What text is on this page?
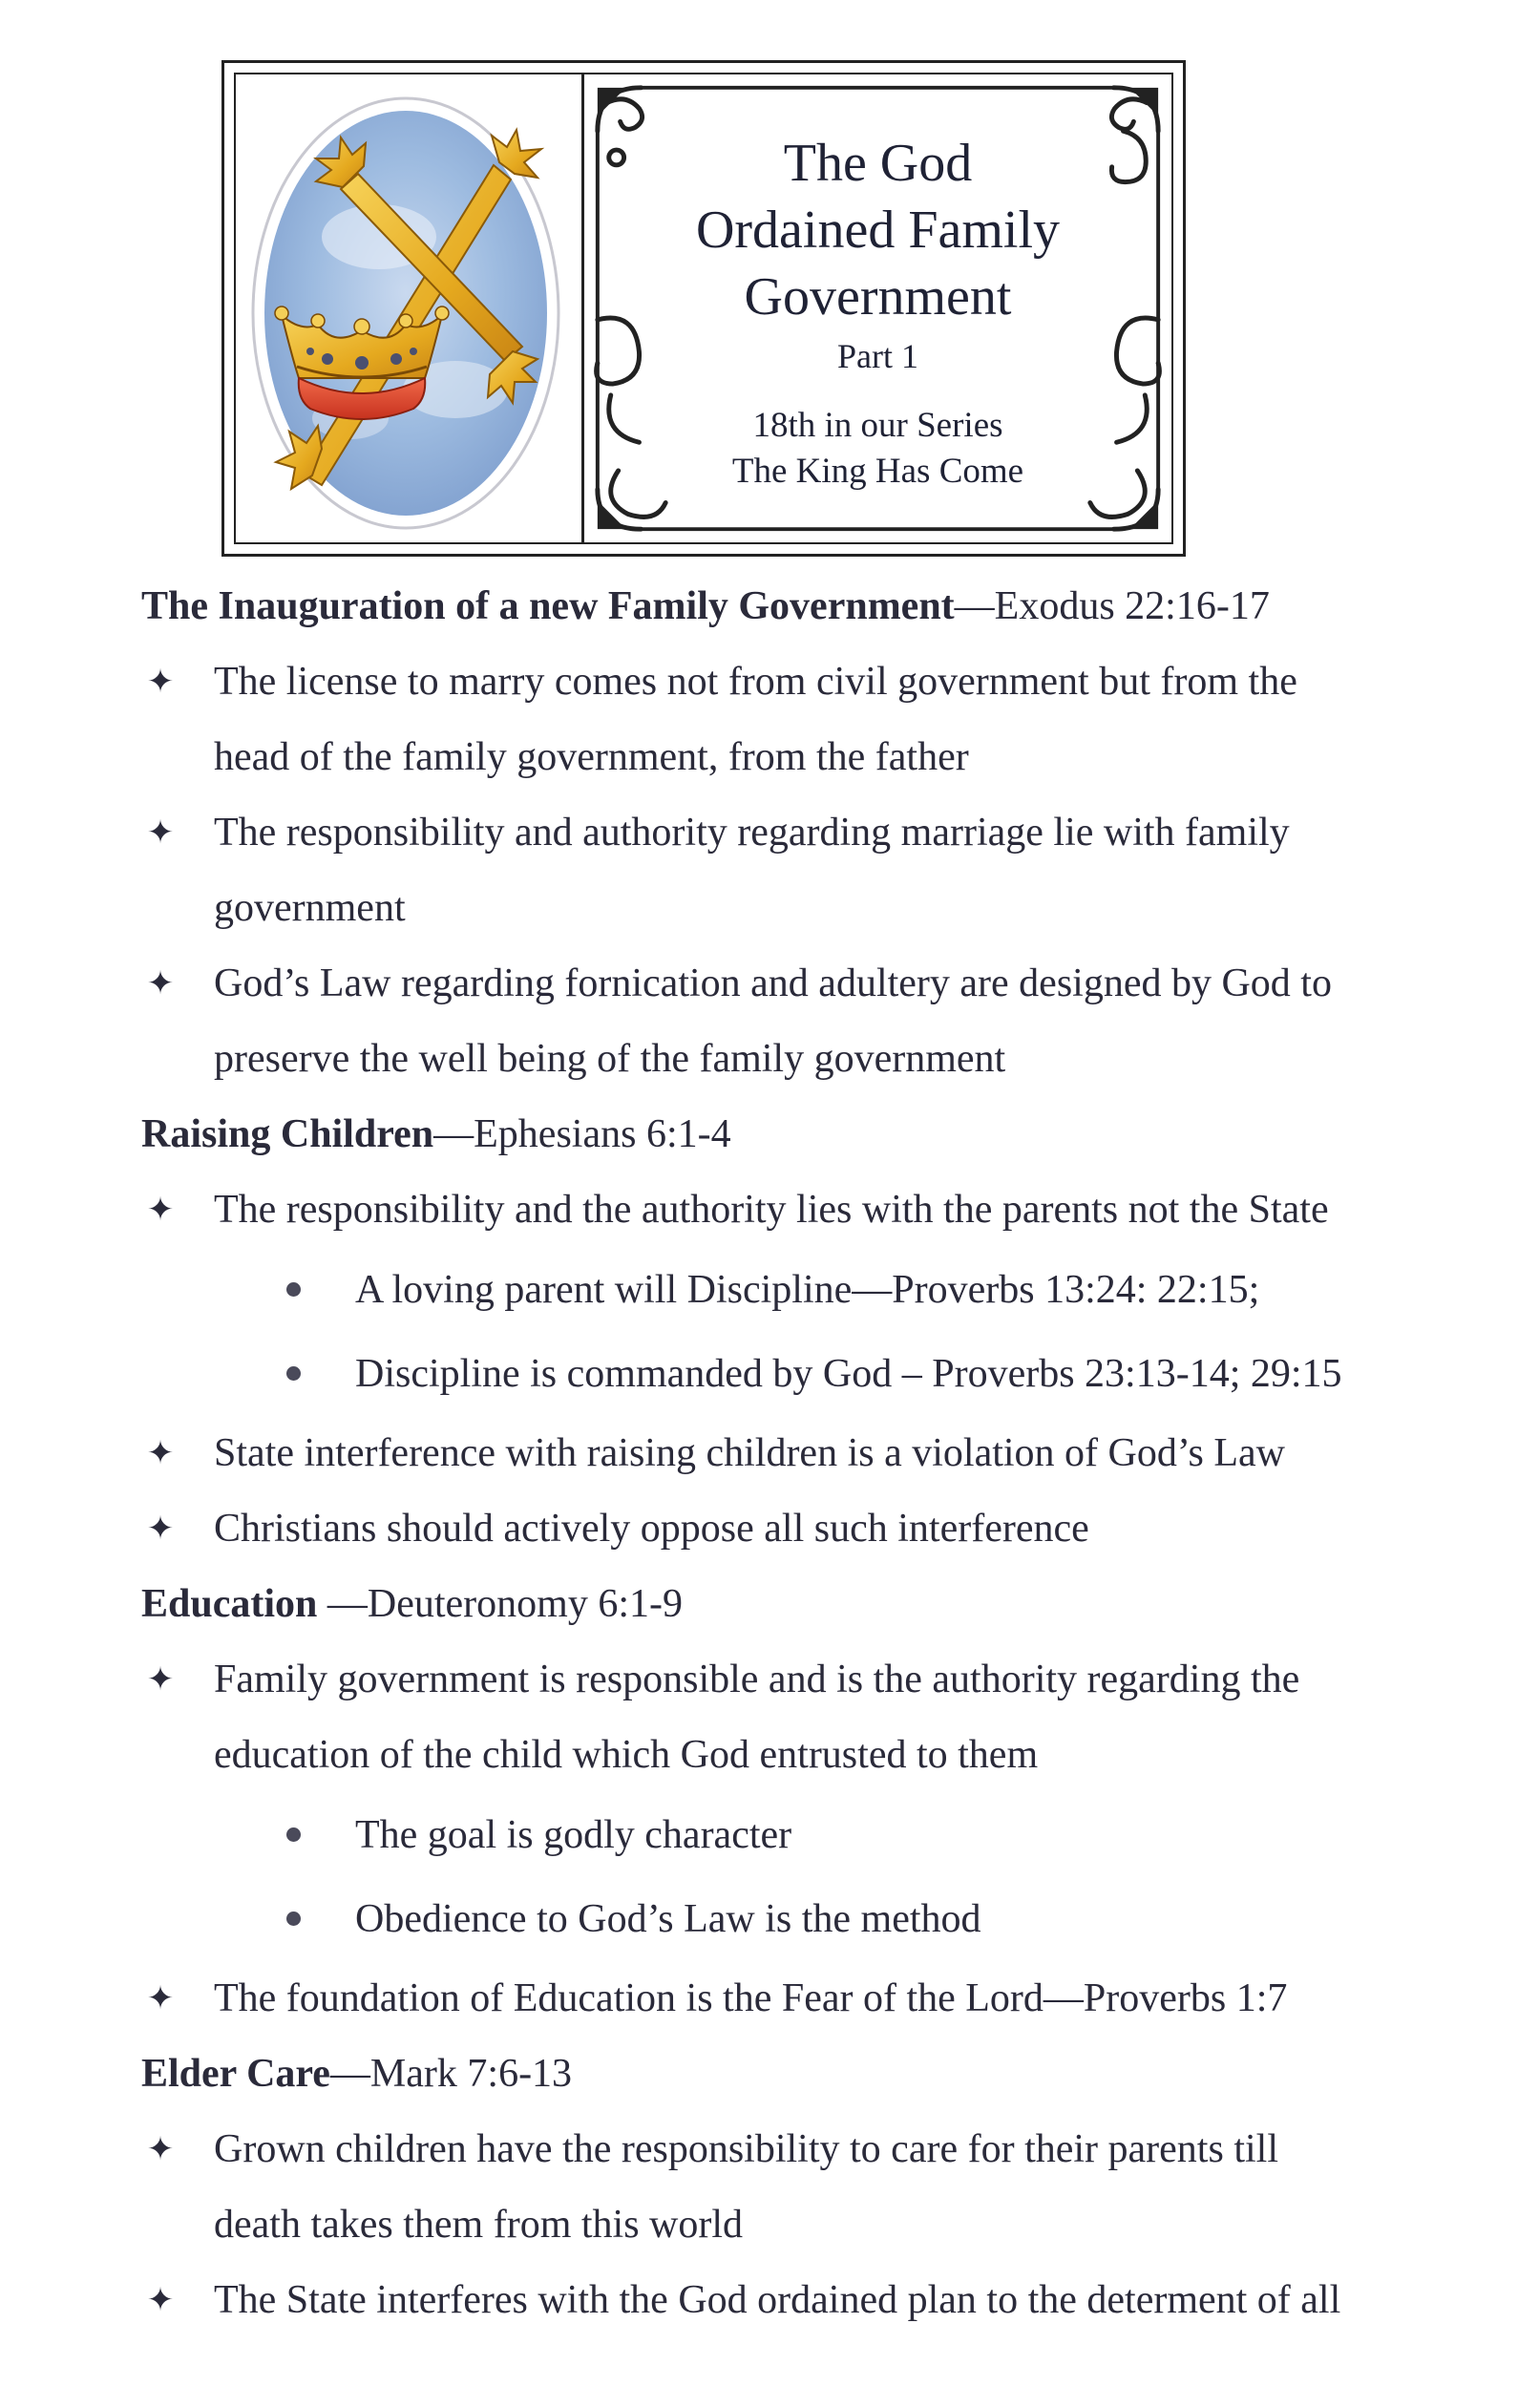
The God
Ordained Family
Government
Part 1
18th in our Series
The King Has Come
The Inauguration of a new Family Government—Exodus 22:16-17
✦ The license to marry comes not from civil government but from the
head of the family government, from the father
✦ The responsibility and authority regarding marriage lie with family
government
✦ God’s Law regarding fornication and adultery are designed by God to
preserve the well being of the family government
Raising Children—Ephesians 6:1-4
✦ The responsibility and the authority lies with the parents not the State
A loving parent will Discipline—Proverbs 13:24: 22:15;
Discipline is commanded by God – Proverbs 23:13-14; 29:15
✦ State interference with raising children is a violation of God’s Law
✦ Christians should actively oppose all such interference
Education —Deuteronomy 6:1-9
✦ Family government is responsible and is the authority regarding the
education of the child which God entrusted to them
The goal is godly character
Obedience to God’s Law is the method
✦ The foundation of Education is the Fear of the Lord—Proverbs 1:7
Elder Care—Mark 7:6-13
✦ Grown children have the responsibility to care for their parents till
death takes them from this world
✦ The State interferes with the God ordained plan to the determent of all
